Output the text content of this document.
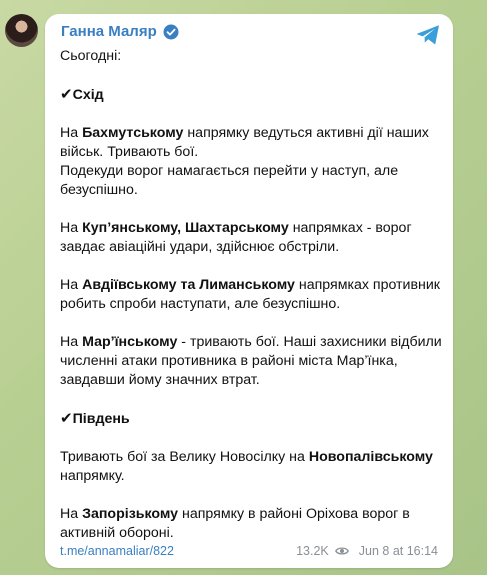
Ганна Маляр

Сьогодні:

✔Схід

На Бахмутському напрямку ведуться активні дії наших військ. Тривають бої.
Подекуди ворог намагається перейти у наступ, але безуспішно.

На Куп’янському, Шахтарському напрямках - ворог завдає авіаційні удари, здійснює обстріли.

На Авдіївському та Лиманському напрямках противник робить спроби наступати, але безуспішно.

На Мар’їнському - тривають бої. Наші захисники відбили численні атаки противника в районі міста Мар’їнка, завдавши йому значних втрат.

✔Південь

Тривають бої за Велику Новосілку на Новопалівському напрямку.

На Запорізькому напрямку в районі Оріхова ворог в активній обороні.

t.me/annamaliar/822	13.2K Jun 8 at 16:14
